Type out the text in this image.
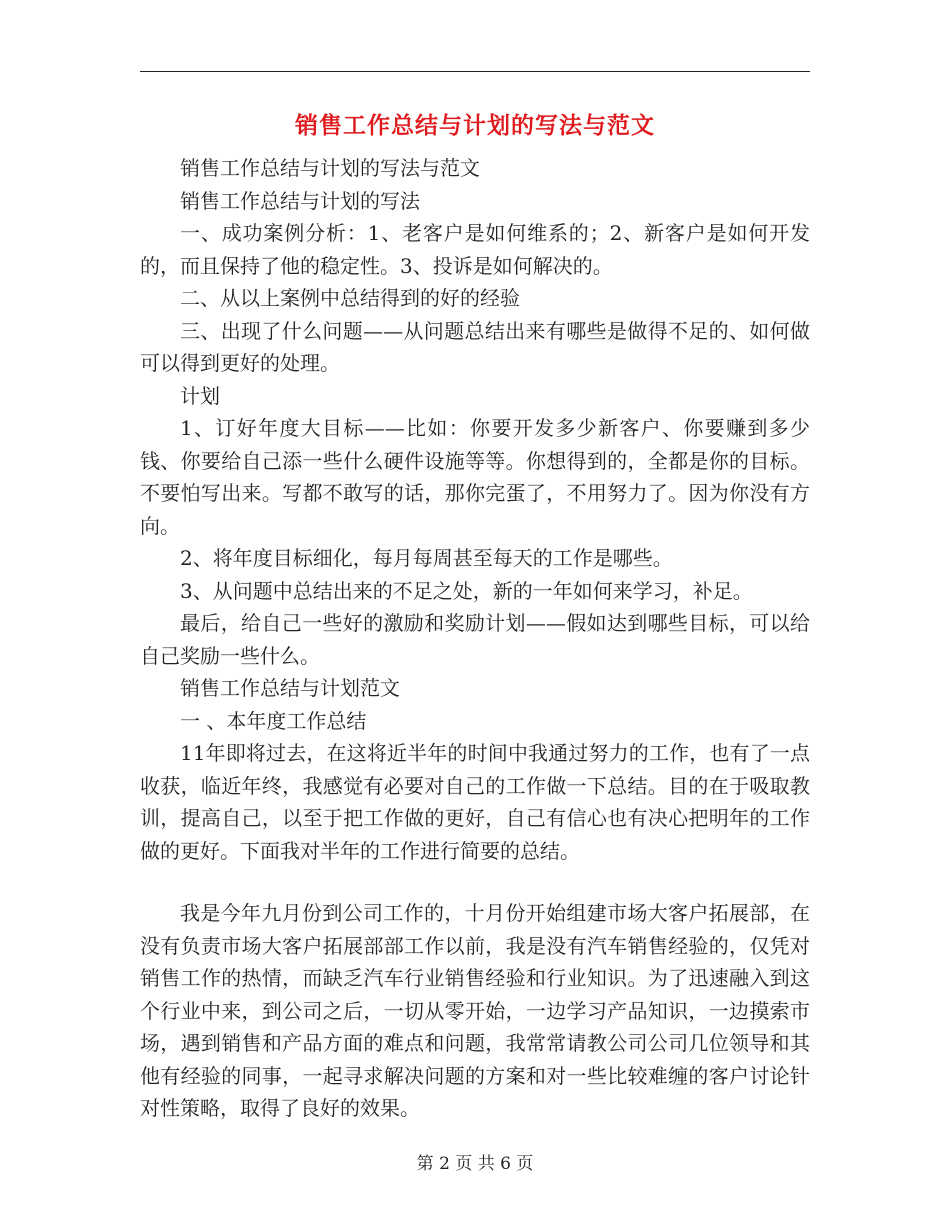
销售工作总结与计划的写法与范文

销售工作总结与计划的写法与范文

销售工作总结与计划的写法

一、成功案例分析：1、老客户是如何维系的；2、新客户是如何开发的，而且保持了他的稳定性。3、投诉是如何解决的。

二、从以上案例中总结得到的好的经验

三、出现了什么问题——从问题总结出来有哪些是做得不足的、如何做可以得到更好的处理。

计划

1、订好年度大目标——比如：你要开发多少新客户、你要赚到多少钱、你要给自己添一些什么硬件设施等等。你想得到的，全都是你的目标。不要怕写出来。写都不敢写的话，那你完蛋了，不用努力了。因为你没有方向。

2、将年度目标细化，每月每周甚至每天的工作是哪些。

3、从问题中总结出来的不足之处，新的一年如何来学习，补足。

最后，给自己一些好的激励和奖励计划——假如达到哪些目标，可以给自己奖励一些什么。

销售工作总结与计划范文

一 、本年度工作总结

11年即将过去，在这将近半年的时间中我通过努力的工作，也有了一点收获，临近年终，我感觉有必要对自己的工作做一下总结。目的在于吸取教训，提高自己，以至于把工作做的更好，自己有信心也有决心把明年的工作做的更好。下面我对半年的工作进行简要的总结。

我是今年九月份到公司工作的，十月份开始组建市场大客户拓展部，在没有负责市场大客户拓展部部工作以前，我是没有汽车销售经验的，仅凭对销售工作的热情，而缺乏汽车行业销售经验和行业知识。为了迅速融入到这个行业中来，到公司之后，一切从零开始，一边学习产品知识，一边摸索市场，遇到销售和产品方面的难点和问题，我常常请教公司公司几位领导和其他有经验的同事，一起寻求解决问题的方案和对一些比较难缠的客户讨论针对性策略，取得了良好的效果。

第 2 页 共 6 页
